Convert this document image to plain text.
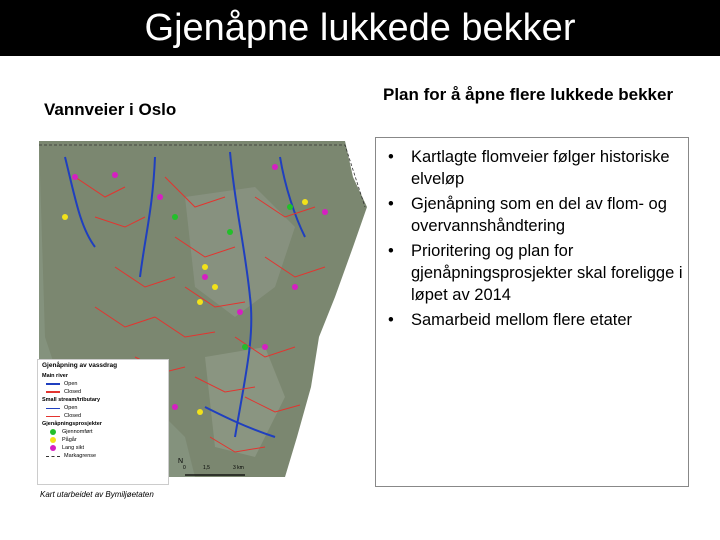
Gjenåpne lukkede bekker
Vannveier i Oslo
Plan for å åpne flere lukkede bekker
N
0	1,5	3 km
Gjenåpning av vassdrag
Main river
Open
Closed
Small stream/tributary
Open
Closed
Gjenåpningsprosjekter
Gjennomført
Pågår
Lang sikt
Markagrense
Kart utarbeidet av Bymiljøetaten
• Kartlagte flomveier følger historiske elveløp
• Gjenåpning som en del av flom- og overvannshåndtering
• Prioritering og plan for gjenåpningsprosjekter skal foreligge i løpet av 2014
• Samarbeid mellom flere etater
